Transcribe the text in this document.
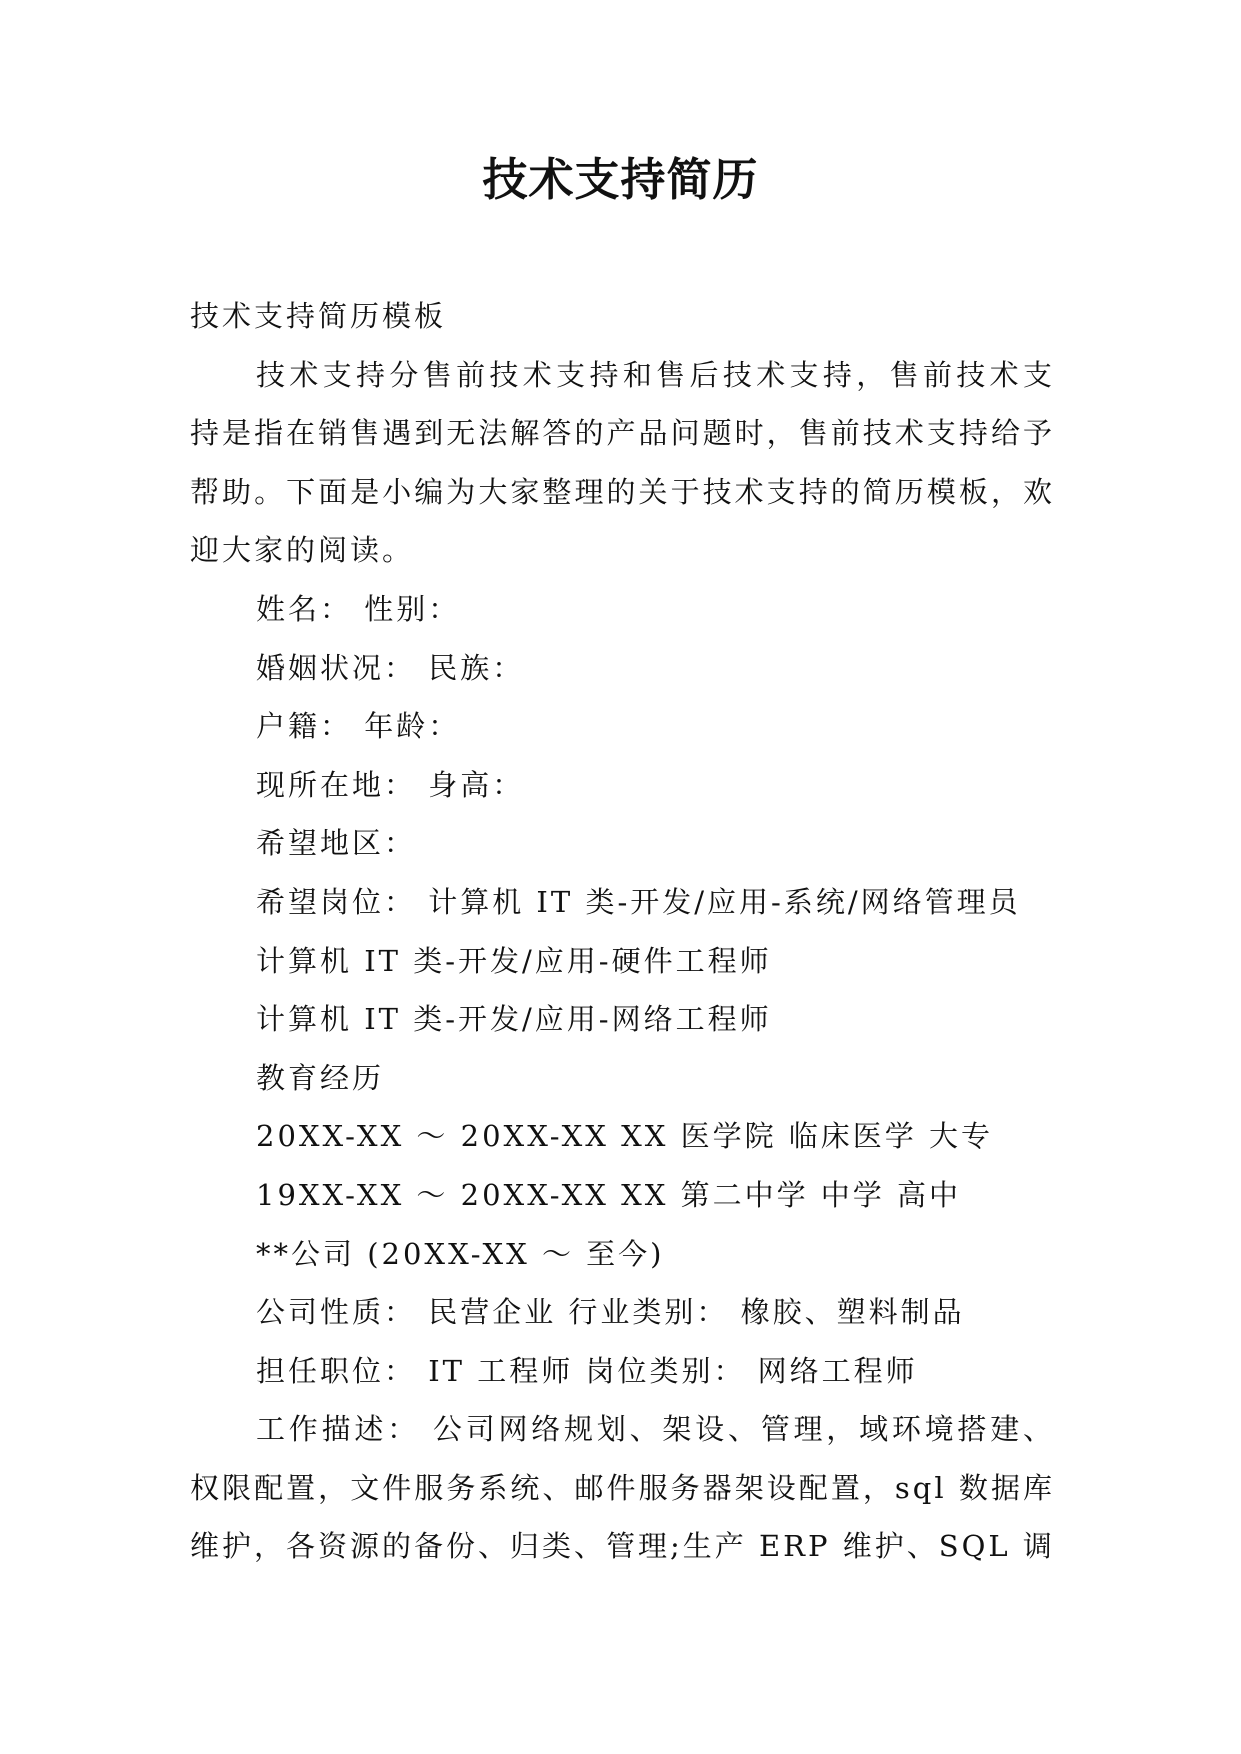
技术支持简历
技术支持简历模板
技术支持分售前技术支持和售后技术支持，售前技术支持是指在销售遇到无法解答的产品问题时，售前技术支持给予帮助。下面是小编为大家整理的关于技术支持的简历模板，欢迎大家的阅读。
姓名： 性别：
婚姻状况： 民族：
户籍： 年龄：
现所在地： 身高：
希望地区：
希望岗位： 计算机 IT 类-开发/应用-系统/网络管理员
计算机 IT 类-开发/应用-硬件工程师
计算机 IT 类-开发/应用-网络工程师
教育经历
20XX-XX ～ 20XX-XX XX 医学院 临床医学 大专
19XX-XX ～ 20XX-XX XX 第二中学 中学 高中
**公司 (20XX-XX ～ 至今)
公司性质： 民营企业 行业类别： 橡胶、塑料制品
担任职位： IT 工程师 岗位类别： 网络工程师
工作描述： 公司网络规划、架设、管理，域环境搭建、权限配置，文件服务系统、邮件服务器架设配置，sql 数据库维护，各资源的备份、归类、管理;生产 ERP 维护、SQL 调
